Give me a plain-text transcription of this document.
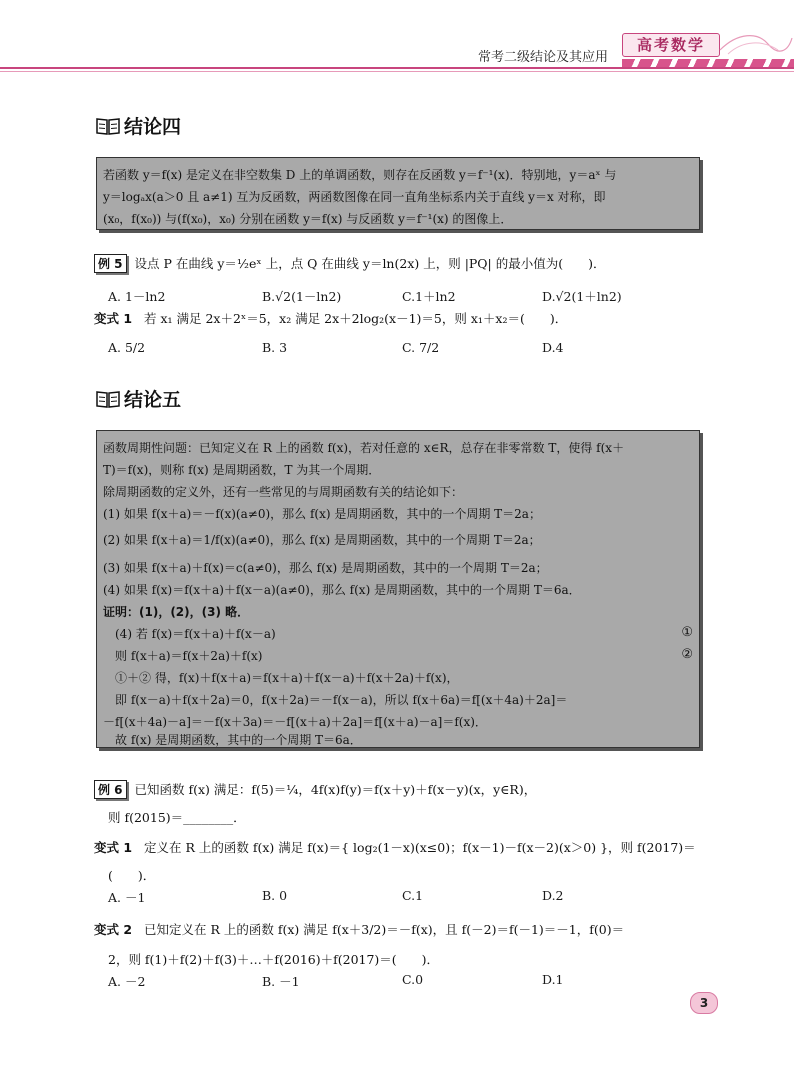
高考数学
常考二级结论及其应用
结论四
若函数 y＝f(x) 是定义在非空数集 D 上的单调函数，则存在反函数 y＝f⁻¹(x)．特别地，y＝aˣ 与
y＝logₐx(a＞0 且 a≠1) 互为反函数，两函数图像在同一直角坐标系内关于直线 y＝x 对称，即
(x₀，f(x₀)) 与(f(x₀)，x₀) 分别在函数 y＝f(x) 与反函数 y＝f⁻¹(x) 的图像上．
例 5 设点 P 在曲线 y＝½eˣ 上，点 Q 在曲线 y＝ln(2x) 上，则 |PQ| 的最小值为(　　)．
A. 1－ln2	B.√2(1－ln2)	C.1＋ln2	D.√2(1＋ln2)
变式 1 若 x₁ 满足 2x＋2ˣ＝5，x₂ 满足 2x＋2log₂(x－1)＝5，则 x₁＋x₂＝(　　)．
A. 5/2	B. 3	C. 7/2	D.4
结论五
函数周期性问题：已知定义在 R 上的函数 f(x)，若对任意的 x∈R，总存在非零常数 T，使得 f(x＋
T)＝f(x)，则称 f(x) 是周期函数，T 为其一个周期．
除周期函数的定义外，还有一些常见的与周期函数有关的结论如下：
(1) 如果 f(x＋a)＝－f(x)(a≠0)，那么 f(x) 是周期函数，其中的一个周期 T＝2a；
(2) 如果 f(x＋a)＝1/f(x)(a≠0)，那么 f(x) 是周期函数，其中的一个周期 T＝2a；
(3) 如果 f(x＋a)＋f(x)＝c(a≠0)，那么 f(x) 是周期函数，其中的一个周期 T＝2a；
(4) 如果 f(x)＝f(x＋a)＋f(x－a)(a≠0)，那么 f(x) 是周期函数，其中的一个周期 T＝6a．
证明：(1)，(2)，(3) 略．
(4) 若 f(x)＝f(x＋a)＋f(x－a)	①
则 f(x＋a)＝f(x＋2a)＋f(x)	②
①＋② 得，f(x)＋f(x＋a)＝f(x＋a)＋f(x－a)＋f(x＋2a)＋f(x)，
即 f(x－a)＋f(x＋2a)＝0，f(x＋2a)＝－f(x－a)，所以 f(x＋6a)＝f[(x＋4a)＋2a]＝
－f[(x＋4a)－a]＝－f(x＋3a)＝－f[(x＋a)＋2a]＝f[(x＋a)－a]＝f(x)．
故 f(x) 是周期函数，其中的一个周期 T＝6a．
例 6 已知函数 f(x) 满足：f(5)＝¼，4f(x)f(y)＝f(x＋y)＋f(x－y)(x，y∈R)，
则 f(2015)＝________．
变式 1 定义在 R 上的函数 f(x) 满足 f(x)＝{ log₂(1－x)(x≤0)；f(x－1)－f(x－2)(x＞0) }，则 f(2017)＝
(　　)．
A. －1	B. 0	C.1	D.2
变式 2 已知定义在 R 上的函数 f(x) 满足 f(x＋3/2)＝－f(x)，且 f(－2)＝f(－1)＝－1，f(0)＝
2，则 f(1)＋f(2)＋f(3)＋…＋f(2016)＋f(2017)＝(　　)．
A. －2	B. －1	C.0	D.1
3
